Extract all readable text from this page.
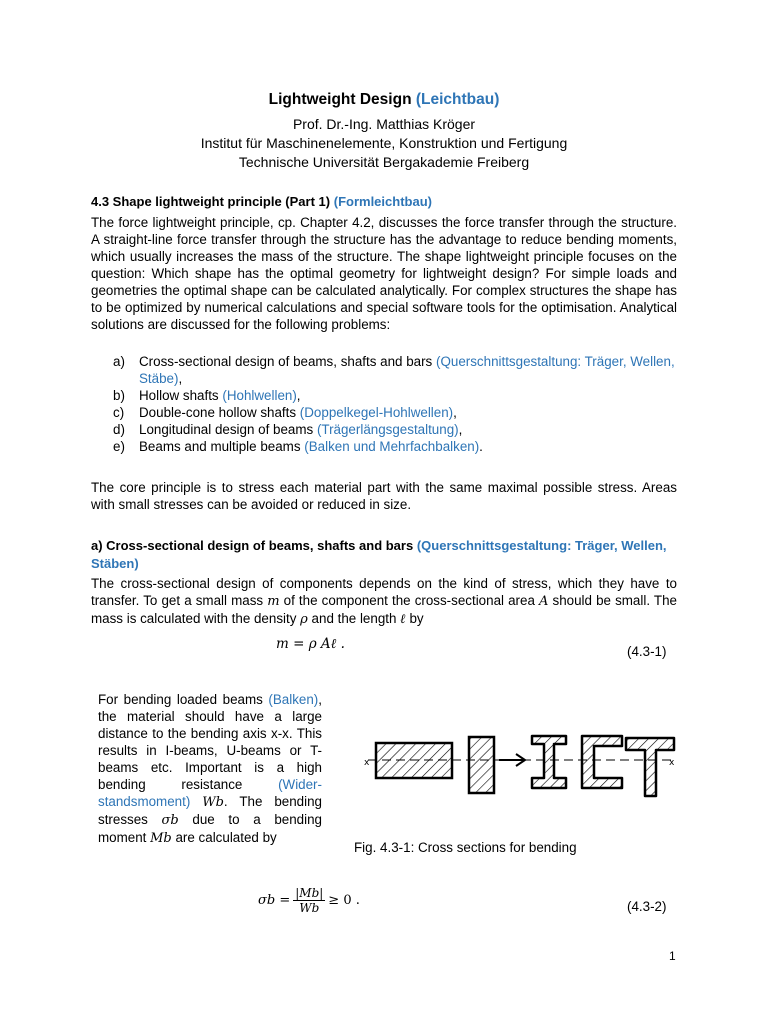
Lightweight Design (Leichtbau)
Prof. Dr.-Ing. Matthias Kröger
Institut für Maschinenelemente, Konstruktion und Fertigung
Technische Universität Bergakademie Freiberg
4.3 Shape lightweight principle (Part 1) (Formleichtbau)
The force lightweight principle, cp. Chapter 4.2, discusses the force transfer through the structure. A straight-line force transfer through the structure has the advantage to reduce bending moments, which usually increases the mass of the structure. The shape lightweight principle focuses on the question: Which shape has the optimal geometry for lightweight design? For simple loads and geometries the optimal shape can be calculated analytically. For complex structures the shape has to be optimized by numerical calculations and special software tools for the optimisation. Analytical solutions are discussed for the following problems:
a)	Cross-sectional design of beams, shafts and bars (Querschnittsgestaltung: Träger, Wellen, Stäbe),
b)	Hollow shafts (Hohlwellen),
c)	Double-cone hollow shafts (Doppelkegel-Hohlwellen),
d)	Longitudinal design of beams (Trägerlängsgestaltung),
e)	Beams and multiple beams (Balken und Mehrfachbalken).
The core principle is to stress each material part with the same maximal possible stress. Areas with small stresses can be avoided or reduced in size.
a) Cross-sectional design of beams, shafts and bars (Querschnittsgestaltung: Träger, Wellen, Stäben)
The cross-sectional design of components depends on the kind of stress, which they have to transfer. To get a small mass m of the component the cross-sectional area A should be small. The mass is calculated with the density ρ and the length ℓ by
m = ρ Aℓ .	(4.3-1)
For bending loaded beams (Balken), the material should have a large distance to the bending axis x-x. This results in I-beams, U-beams or T-beams etc. Important is a high bending resistance	(Wider-standsmoment) Wb. The bending stresses σb due to a bending moment Mb are calculated by
x	x
Fig. 4.3-1: Cross sections for bending
$\sigma b = \frac{|Mb|}{Wb} \ge 0$ .	(4.3-2)
1
